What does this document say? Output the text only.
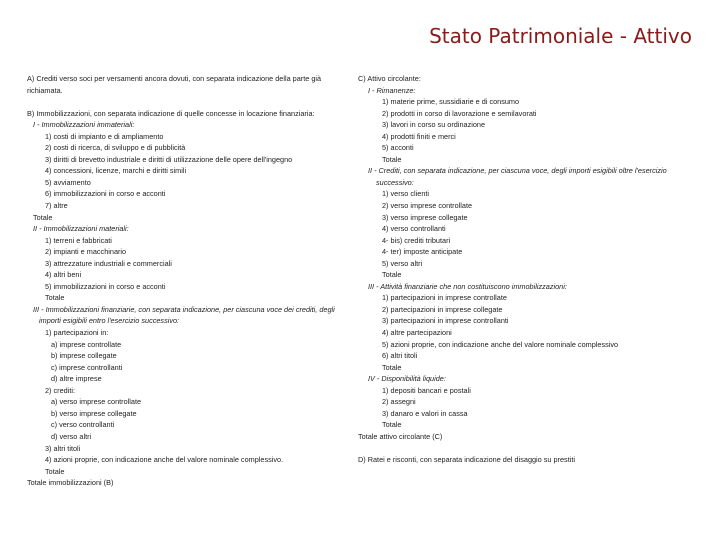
Stato Patrimoniale - Attivo
A) Crediti verso soci per versamenti ancora dovuti, con separata indicazione della parte già
richiamata.
B) Immobilizzazioni, con separata indicazione di quelle concesse in locazione finanziaria:
I - Immobilizzazioni immateriali:
1) costi di impianto e di ampliamento
2) costi di ricerca, di sviluppo e di pubblicità
3) diritti di brevetto industriale e diritti di utilizzazione delle opere dell'ingegno
4) concessioni, licenze, marchi e diritti simili
5) avviamento
6) immobilizzazioni in corso e acconti
7) altre
Totale
II - Immobilizzazioni materiali:
1) terreni e fabbricati
2) impianti e macchinario
3) attrezzature industriali e commerciali
4) altri beni
5) immobilizzazioni in corso e acconti
Totale
III - Immobilizzazioni finanziarie, con separata indicazione, per ciascuna voce dei crediti, degli
importi esigibili entro l'esercizio successivo:
1) partecipazioni in:
a) imprese controllate
b) imprese collegate
c) imprese controllanti
d) altre imprese
2) crediti:
a) verso imprese controllate
b) verso imprese collegate
c) verso controllanti
d) verso altri
3) altri titoli
4) azioni proprie, con indicazione anche del valore nominale complessivo.
Totale
Totale immobilizzazioni (B)
C) Attivo circolante:
I - Rimanenze:
1) materie prime, sussidiarie e di consumo
2) prodotti in corso di lavorazione e semilavorati
3) lavori in corso su ordinazione
4) prodotti finiti e merci
5) acconti
Totale
II - Crediti, con separata indicazione, per ciascuna voce, degli importi esigibili oltre l'esercizio
successivo:
1) verso clienti
2) verso imprese controllate
3) verso imprese collegate
4) verso controllanti
4- bis) crediti tributari
4- ter) imposte anticipate
5) verso altri
Totale
III - Attività finanziarie che non costituiscono immobilizzazioni:
1) partecipazioni in imprese controllate
2) partecipazioni in imprese collegate
3) partecipazioni in imprese controllanti
4) altre partecipazioni
5) azioni proprie, con indicazione anche del valore nominale complessivo
6) altri titoli
Totale
IV - Disponibilità liquide:
1) depositi bancari e postali
2) assegni
3) danaro e valori in cassa
Totale
Totale attivo circolante (C)
D) Ratei e risconti, con separata indicazione del disaggio su prestiti
